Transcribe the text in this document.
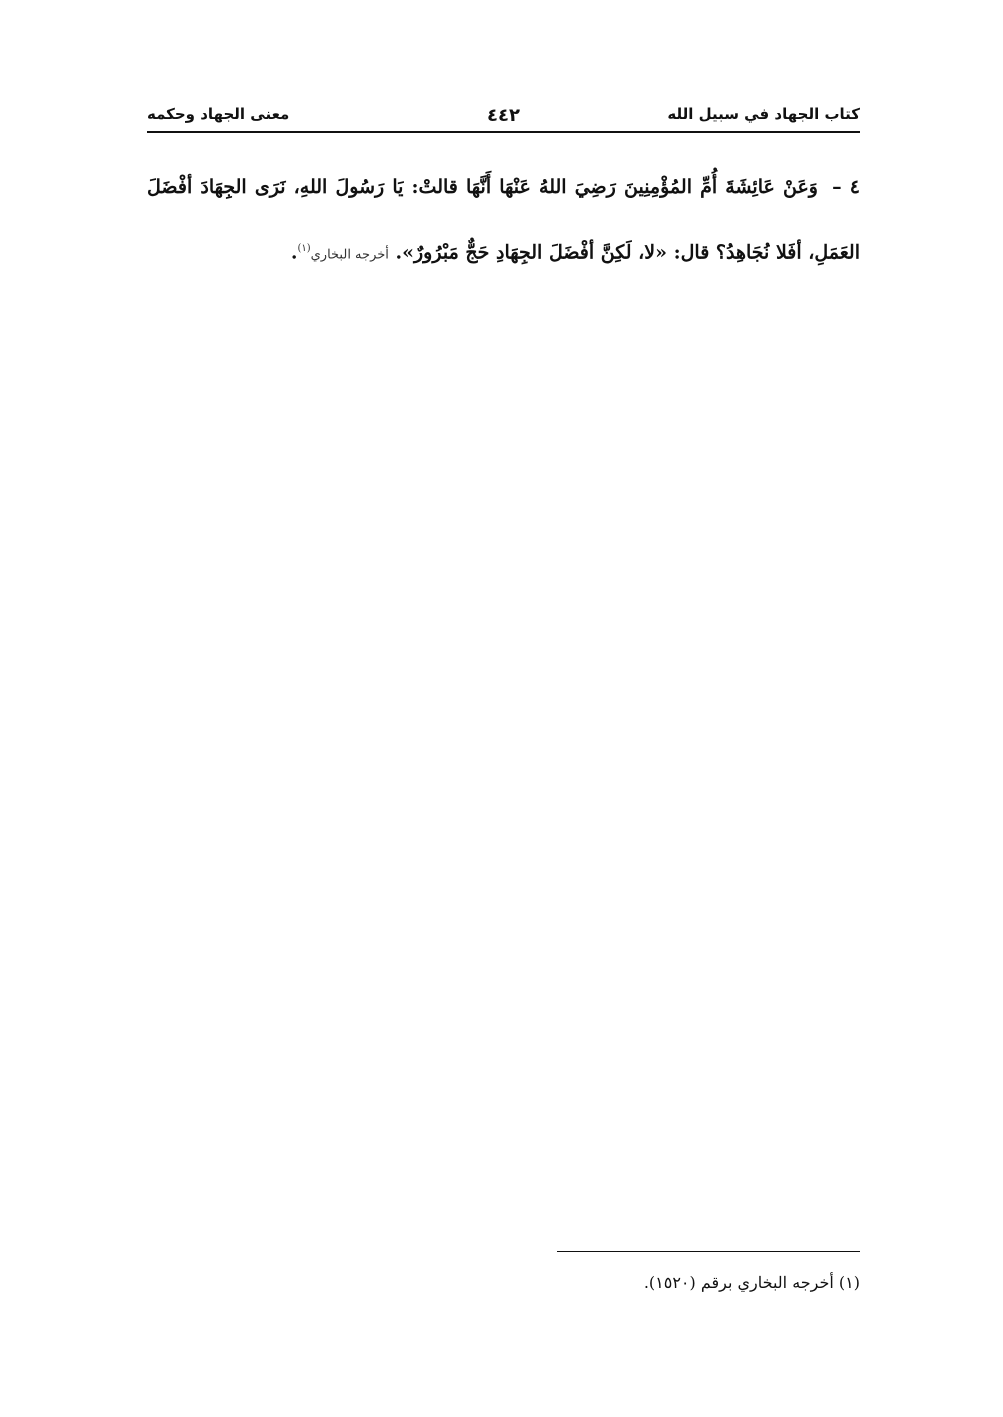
كتاب الجهاد في سبيل الله
٤٤٢
معنى الجهاد وحكمه
٤ – وَعَنْ عَائِشَةَ أُمِّ المُؤْمِنِينَ رَضِيَ اللهُ عَنْهَا أَنَّهَا قالتْ: يَا رَسُولَ اللهِ، نَرَى الجِهَادَ أفْضَلَ العَمَلِ، أفَلا نُجَاهِدُ؟ قال: «لا، لَكِنَّ أفْضَلَ الجِهَادِ حَجٌّ مَبْرُورٌ». أخرجه البخاري$^{(١)}$.
(١) أخرجه البخاري برقم (١٥٢٠).
